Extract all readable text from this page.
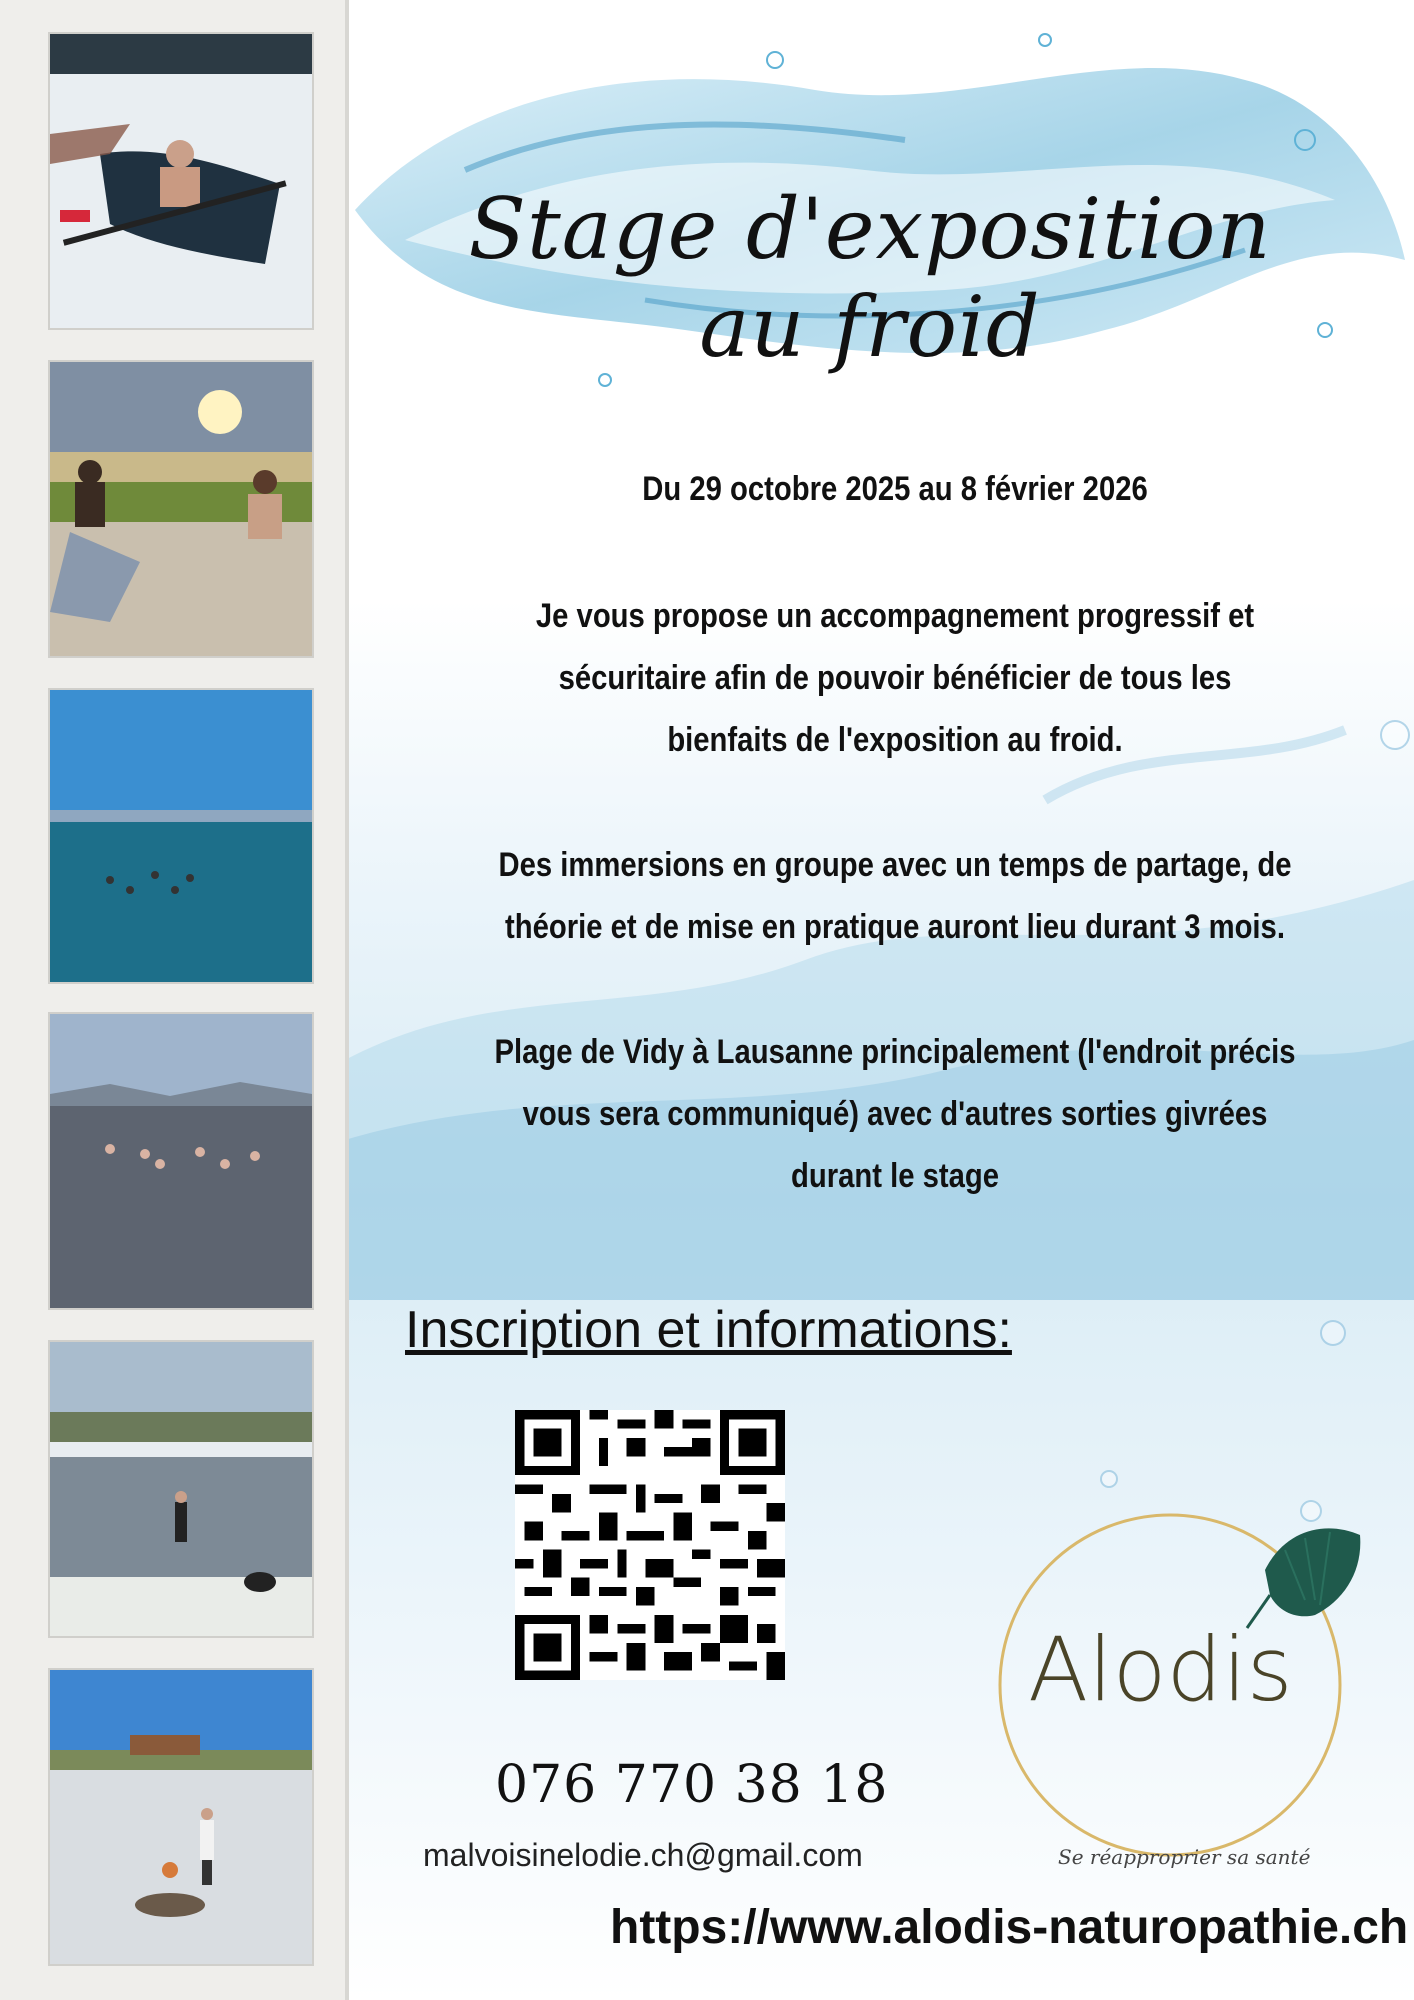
Stage d'exposition au froid
Du 29 octobre 2025 au 8 février 2026
Je vous propose un accompagnement progressif et
sécuritaire afin de pouvoir bénéficier de tous les
bienfaits de l'exposition au froid.
Des immersions en groupe avec un temps de partage, de
théorie et de mise en pratique auront lieu durant 3 mois.
Plage de Vidy à Lausanne principalement (l'endroit précis
vous sera communiqué) avec d'autres sorties givrées
durant le stage
Inscription et informations:
076 770 38 18
malvoisinelodie.ch@gmail.com
https://www.alodis-naturopathie.ch
Alodis
Se réapproprier sa santé
